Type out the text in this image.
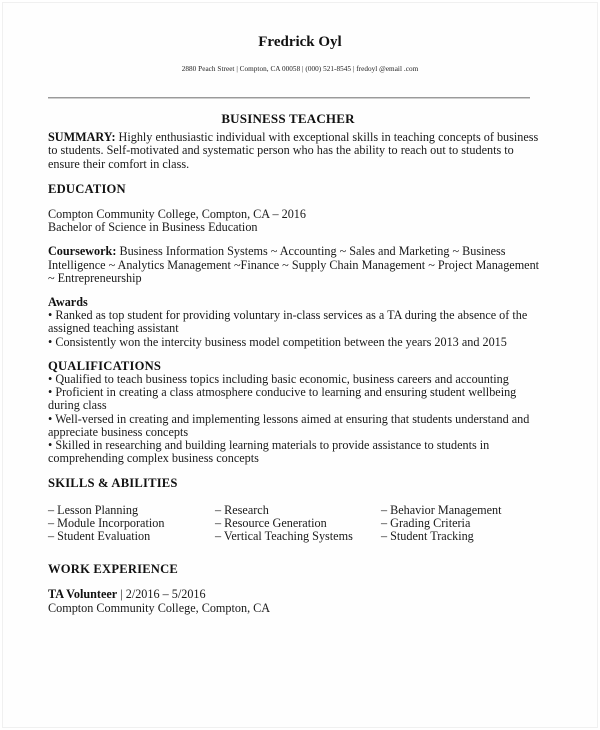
Fredrick Oyl
2880 Peach Street | Compton, CA 00058 | (000) 521-8545 | fredoyl @email .com
BUSINESS TEACHER
SUMMARY: Highly enthusiastic individual with exceptional skills in teaching concepts of business to students. Self-motivated and systematic person who has the ability to reach out to students to ensure their comfort in class.
EDUCATION
Compton Community College, Compton, CA – 2016
Bachelor of Science in Business Education
Coursework: Business Information Systems ~ Accounting ~ Sales and Marketing ~ Business Intelligence ~ Analytics Management ~Finance ~ Supply Chain Management ~ Project Management ~ Entrepreneurship
Awards
• Ranked as top student for providing voluntary in-class services as a TA during the absence of the assigned teaching assistant
• Consistently won the intercity business model competition between the years 2013 and 2015
QUALIFICATIONS
• Qualified to teach business topics including basic economic, business careers and accounting
• Proficient in creating a class atmosphere conducive to learning and ensuring student wellbeing during class
• Well-versed in creating and implementing lessons aimed at ensuring that students understand and appreciate business concepts
• Skilled in researching and building learning materials to provide assistance to students in comprehending complex business concepts
SKILLS & ABILITIES
– Lesson Planning	– Research	– Behavior Management
– Module Incorporation	– Resource Generation	– Grading Criteria
– Student Evaluation	– Vertical Teaching Systems	– Student Tracking
WORK EXPERIENCE
TA Volunteer | 2/2016 – 5/2016
Compton Community College, Compton, CA
